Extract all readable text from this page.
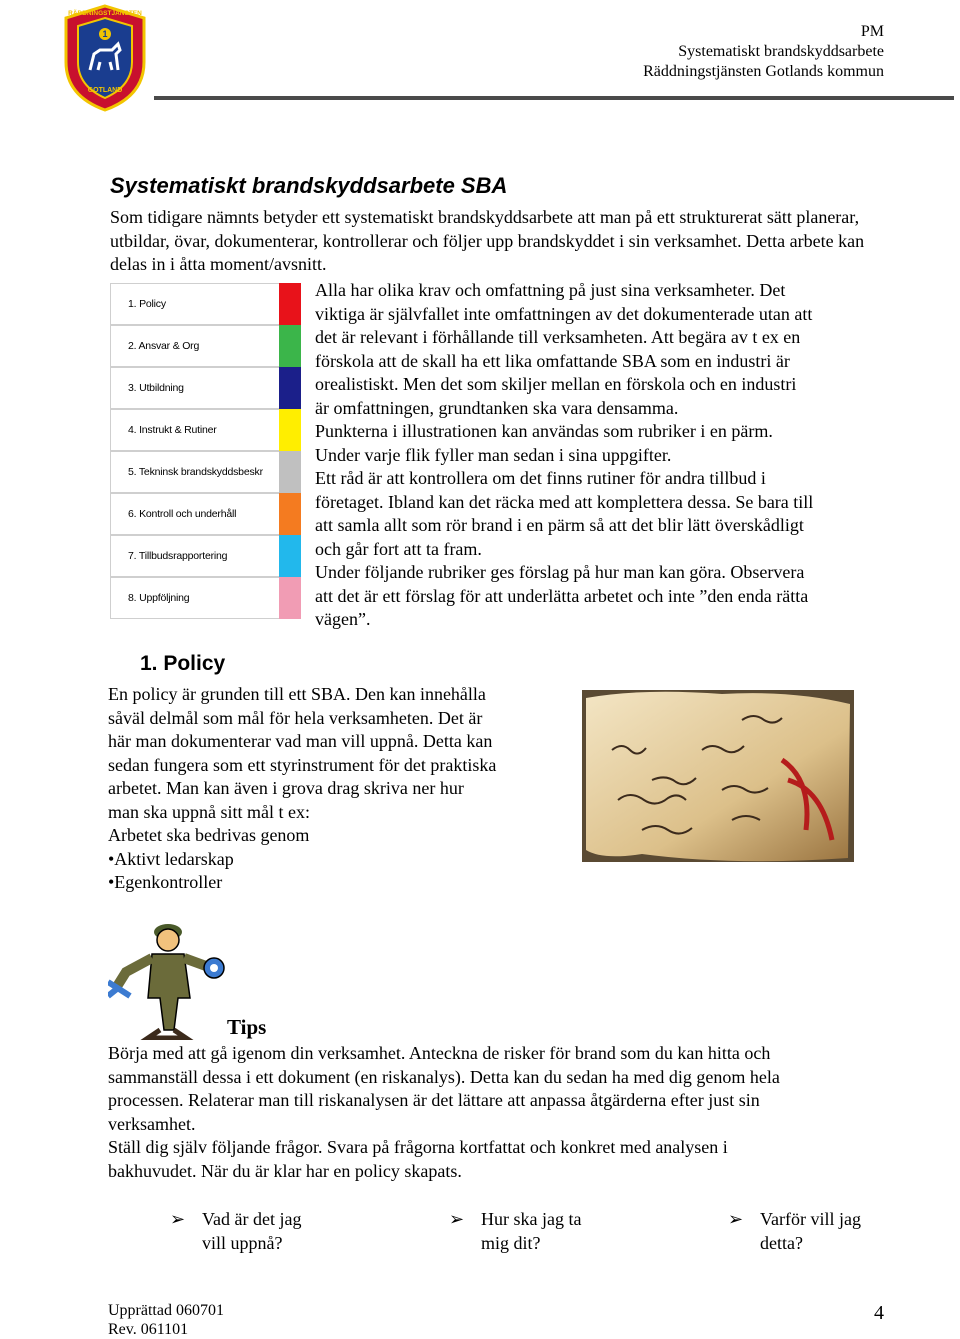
1
RÄDDNINGSTJÄNSTEN
GOTLAND
PM
Systematiskt brandskyddsarbete
Räddningstjänsten Gotlands kommun
Systematiskt brandskyddsarbete SBA
Som tidigare nämnts betyder ett systematiskt brandskyddsarbete att man på ett strukturerat sätt planerar, utbildar, övar, dokumenterar, kontrollerar och följer upp brandskyddet i sin verksamhet. Detta arbete kan delas in i åtta moment/avsnitt.
1. Policy
2. Ansvar & Org
3. Utbildning
4. Instrukt & Rutiner
5. Tekninsk brandskyddsbeskr
6. Kontroll och underhåll
7. Tillbudsrapportering
8. Uppföljning
Alla har olika krav och omfattning på just sina verksamheter. Det
viktiga är självfallet inte omfattningen av det dokumenterade utan att
det är relevant i förhållande till verksamheten. Att begära av t ex en
förskola att de skall ha ett lika omfattande SBA som en industri är
orealistiskt. Men det som skiljer mellan en förskola och en industri
är omfattningen, grundtanken ska vara densamma.
Punkterna i illustrationen kan användas som rubriker i en pärm.
Under varje flik fyller man sedan i sina uppgifter.
Ett råd är att kontrollera om det finns rutiner för andra tillbud i
företaget. Ibland kan det räcka med att komplettera dessa. Se bara till
att samla allt som rör brand i en pärm så att det blir lätt överskådligt
och går fort att ta fram.
Under följande rubriker ges förslag på hur man kan göra. Observera
att det är ett förslag för att underlätta arbetet och inte ”den enda rätta
vägen”.
1. Policy
En policy är grunden till ett SBA. Den kan innehålla
såväl delmål som mål för hela verksamheten. Det är
här man dokumenterar vad man vill uppnå. Detta kan
sedan fungera som ett styrinstrument för det praktiska
arbetet. Man kan även i grova drag skriva ner hur
man ska uppnå sitt mål t ex:
Arbetet ska bedrivas genom
•Aktivt ledarskap
•Egenkontroller
Tips
Börja med att gå igenom din verksamhet. Anteckna de risker för brand som du kan hitta och
sammanställ dessa i ett dokument (en riskanalys). Detta kan du sedan ha med dig genom hela
processen. Relaterar man till riskanalysen är det lättare att anpassa åtgärderna efter just sin
verksamhet.
Ställ dig själv följande frågor. Svara på frågorna kortfattat och konkret med analysen i
bakhuvudet. När du är klar har en policy skapats.
➢ Vad är det jag
vill uppnå?
➢ Hur ska jag ta
mig dit?
➢ Varför vill jag
detta?
Upprättad 060701
Rev. 061101
4
